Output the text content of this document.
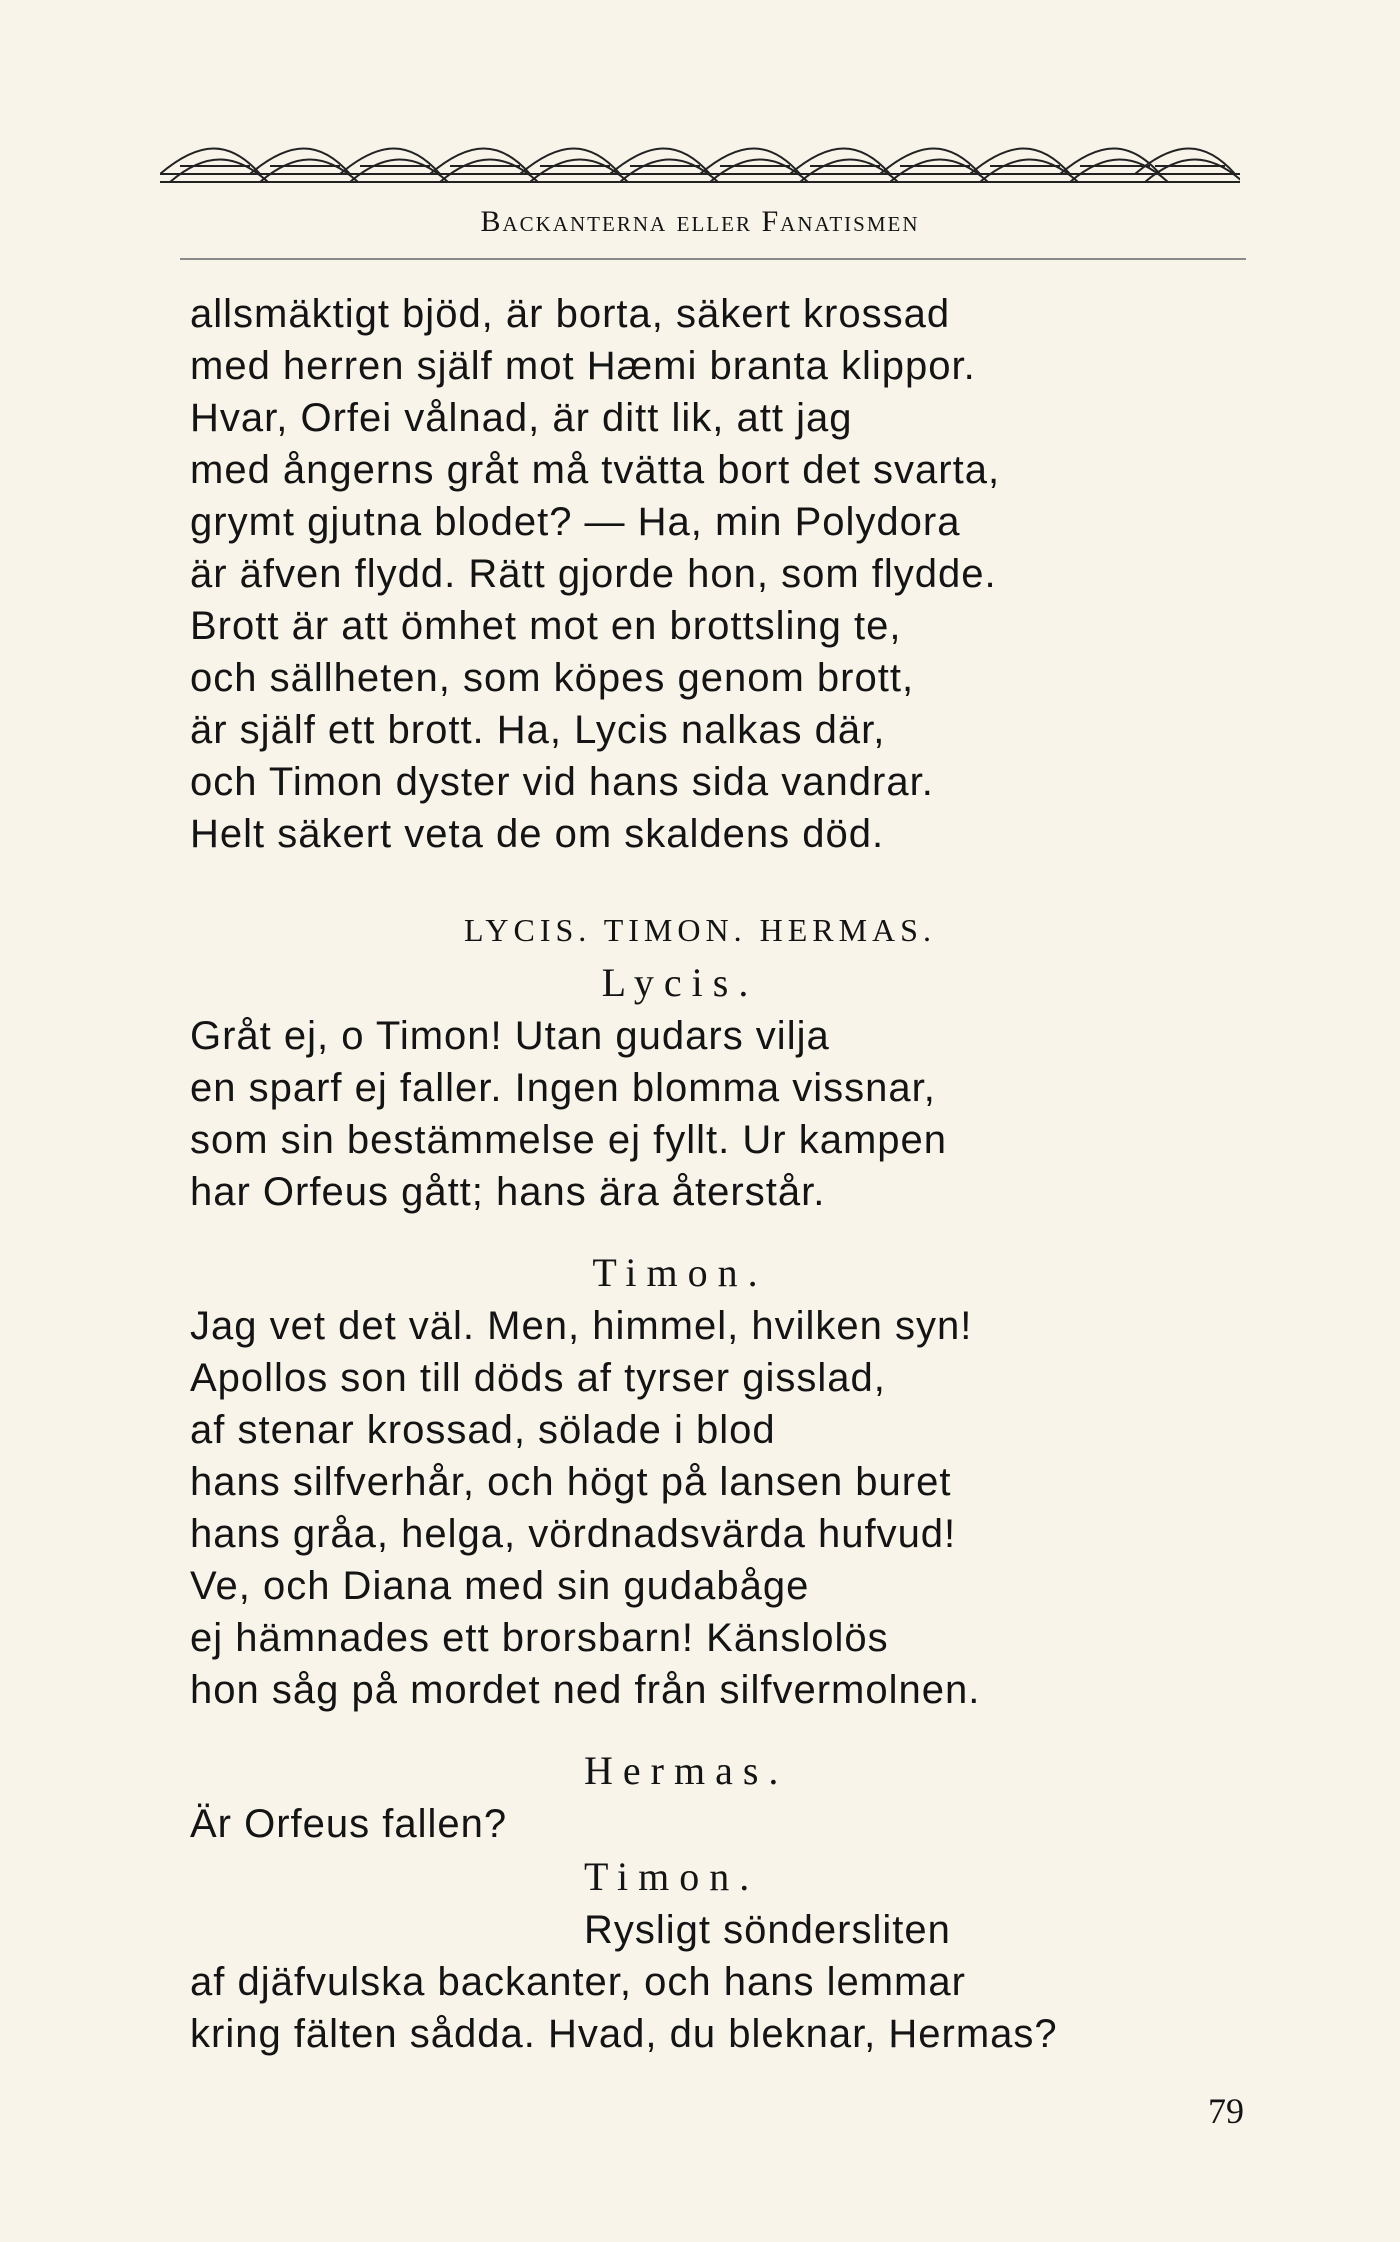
Backanterna eller Fanatismen
allsmäktigt bjöd, är borta, säkert krossad
med herren själf mot Hæmi branta klippor.
Hvar, Orfei vålnad, är ditt lik, att jag
med ångerns gråt må tvätta bort det svarta,
grymt gjutna blodet? — Ha, min Polydora
är äfven flydd. Rätt gjorde hon, som flydde.
Brott är att ömhet mot en brottsling te,
och sällheten, som köpes genom brott,
är själf ett brott. Ha, Lycis nalkas där,
och Timon dyster vid hans sida vandrar.
Helt säkert veta de om skaldens död.
LYCIS. TIMON. HERMAS.
Lycis.
Gråt ej, o Timon! Utan gudars vilja
en sparf ej faller. Ingen blomma vissnar,
som sin bestämmelse ej fyllt. Ur kampen
har Orfeus gått; hans ära återstår.
Timon.
Jag vet det väl. Men, himmel, hvilken syn!
Apollos son till döds af tyrser gisslad,
af stenar krossad, sölade i blod
hans silfverhår, och högt på lansen buret
hans gråa, helga, vördnadsvärda hufvud!
Ve, och Diana med sin gudabåge
ej hämnades ett brorsbarn! Känslolös
hon såg på mordet ned från silfvermolnen.
Hermas.
Är Orfeus fallen?
Timon.
Rysligt söndersliten
af djäfvulska backanter, och hans lemmar
kring fälten sådda. Hvad, du bleknar, Hermas?
79
